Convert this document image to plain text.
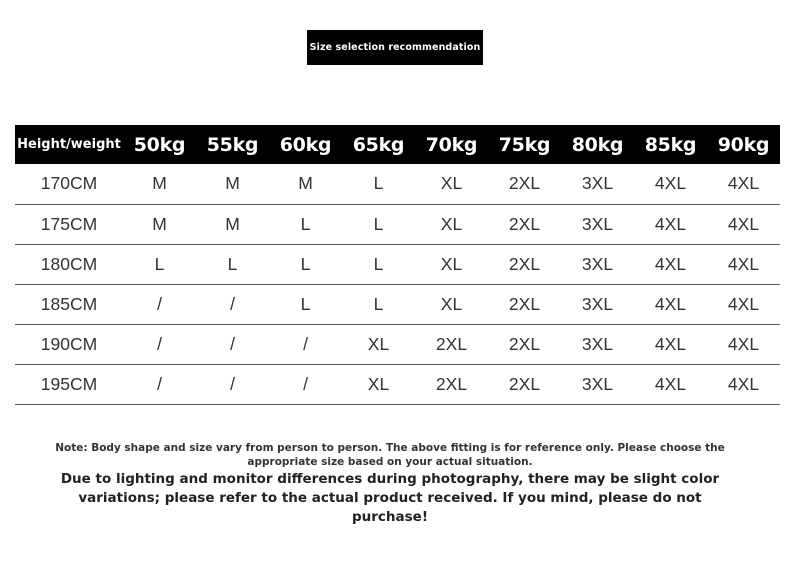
Size selection recommendation
Height/weight	50kg	55kg	60kg	65kg	70kg	75kg	80kg	85kg	90kg
170CM	M	M	M	L	XL	2XL	3XL	4XL	4XL
175CM	M	M	L	L	XL	2XL	3XL	4XL	4XL
180CM	L	L	L	L	XL	2XL	3XL	4XL	4XL
185CM	/	/	L	L	XL	2XL	3XL	4XL	4XL
190CM	/	/	/	XL	2XL	2XL	3XL	4XL	4XL
195CM	/	/	/	XL	2XL	2XL	3XL	4XL	4XL
Note: Body shape and size vary from person to person. The above fitting is for reference only. Please choose the appropriate size based on your actual situation.
Due to lighting and monitor differences during photography, there may be slight color variations; please refer to the actual product received. If you mind, please do not purchase!
